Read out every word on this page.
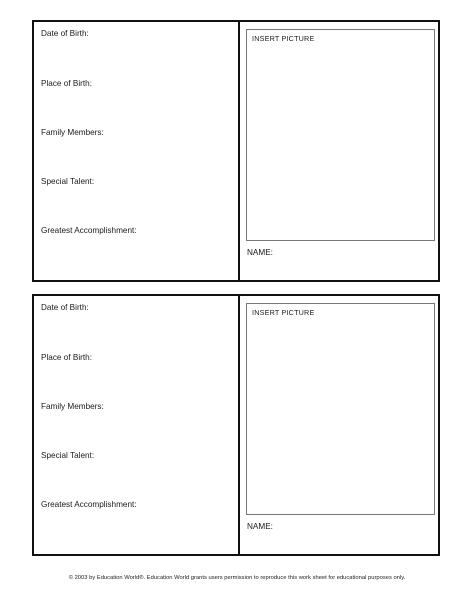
Date of Birth:
Place of Birth:
Family Members:
Special Talent:
Greatest Accomplishment:
INSERT PICTURE
NAME:
Date of Birth:
Place of Birth:
Family Members:
Special Talent:
Greatest Accomplishment:
INSERT PICTURE
NAME:
© 2003 by Education World®. Education World grants users permission to reproduce this work sheet for educational purposes only.
